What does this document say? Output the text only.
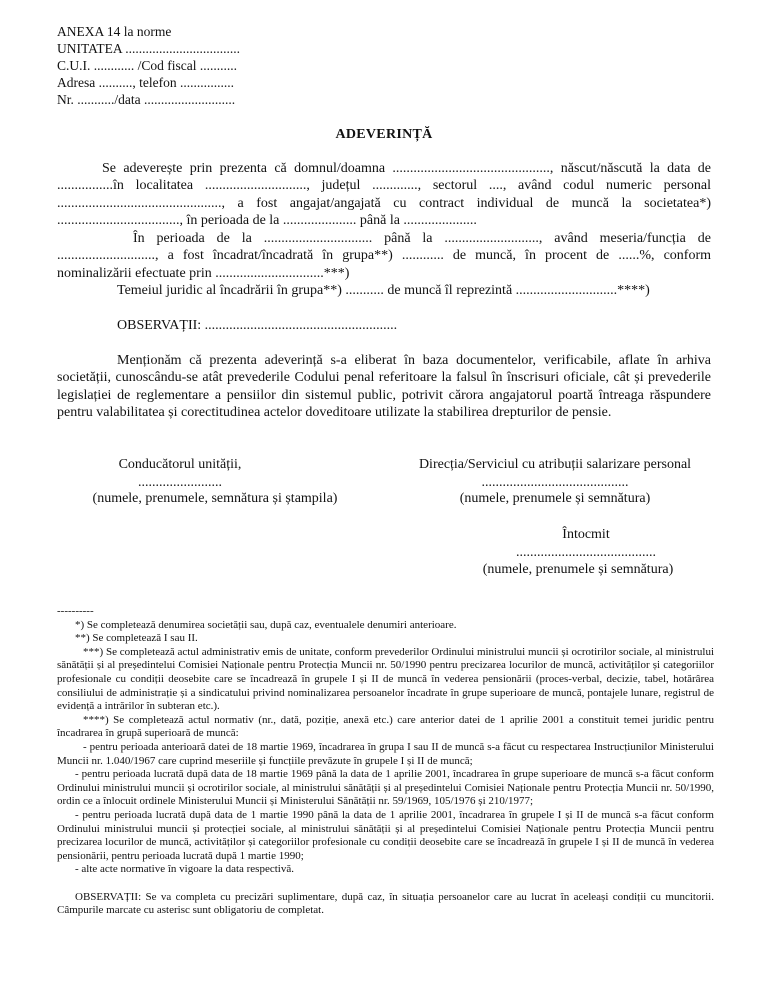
ANEXA 14 la norme
UNITATEA ..................................
C.U.I. ............ /Cod fiscal ...........
Adresa .........., telefon ................
Nr. .........../data ...........................
ADEVERINȚĂ
Se adeverește prin prezenta că domnul/doamna ............................................., născut/născută la data de ................în localitatea ............................., județul ............., sectorul ...., având codul numeric personal ..............................................., a fost angajat/angajată cu contract individual de muncă la societatea*) ..................................., în perioada de la ..................... până la .....................
În perioada de la ............................... până la ..........................., având meseria/funcția de ............................, a fost încadrat/încadrată în grupa**) ............ de muncă, în procent de ......%, conform nominalizării efectuate prin ...............................***)
Temeiul juridic al încadrării în grupa**) ........... de muncă îl reprezintă .............................****)
OBSERVAȚII: .......................................................
Menționăm că prezenta adeverință s-a eliberat în baza documentelor, verificabile, aflate în arhiva societății, cunoscându-se atât prevederile Codului penal referitoare la falsul în înscrisuri oficiale, cât și prevederile legislației de reglementare a pensiilor din sistemul public, potrivit cărora angajatorul poartă întreaga răspundere pentru valabilitatea și corectitudinea actelor doveditoare utilizate la stabilirea drepturilor de pensie.
Conducătorul unității,
........................
(numele, prenumele, semnătura și ștampila)
Direcția/Serviciul cu atribuții salarizare personal
..........................................
(numele, prenumele și semnătura)
Întocmit
........................................
(numele, prenumele și semnătura)
----------
*) Se completează denumirea societății sau, după caz, eventualele denumiri anterioare.
**) Se completează I sau II.
***) Se completează actul administrativ emis de unitate, conform prevederilor Ordinului ministrului muncii și ocrotirilor sociale, al ministrului sănătății și al președintelui Comisiei Naționale pentru Protecția Muncii nr. 50/1990 pentru precizarea locurilor de muncă, activităților și categoriilor profesionale cu condiții deosebite care se încadrează în grupele I și II de muncă în vederea pensionării (proces-verbal, decizie, tabel, hotărârea consiliului de administrație și a sindicatului privind nominalizarea persoanelor încadrate în grupe superioare de muncă, pontajele lunare, registrul de evidență a intrărilor în subteran etc.).
****) Se completează actul normativ (nr., dată, poziție, anexă etc.) care anterior datei de 1 aprilie 2001 a constituit temei juridic pentru încadrarea în grupă superioară de muncă:
- pentru perioada anterioară datei de 18 martie 1969, încadrarea în grupa I sau II de muncă s-a făcut cu respectarea Instrucțiunilor Ministerului Muncii nr. 1.040/1967 care cuprind meseriile și funcțiile prevăzute în grupele I și II de muncă;
- pentru perioada lucrată după data de 18 martie 1969 până la data de 1 aprilie 2001, încadrarea în grupe superioare de muncă s-a făcut conform Ordinului ministrului muncii și ocrotirilor sociale, al ministrului sănătății și al președintelui Comisiei Naționale pentru Protecția Muncii nr. 50/1990, ordin ce a înlocuit ordinele Ministerului Muncii și Ministerului Sănătății nr. 59/1969, 105/1976 și 210/1977;
- pentru perioada lucrată după data de 1 martie 1990 până la data de 1 aprilie 2001, încadrarea în grupele I și II de muncă s-a făcut conform Ordinului ministrului muncii și protecției sociale, al ministrului sănătății și al președintelui Comisiei Naționale pentru Protecția Muncii pentru precizarea locurilor de muncă, activităților și categoriilor profesionale cu condiții deosebite care se încadrează în grupele I și II de muncă în vederea pensionării, pentru perioada lucrată după 1 martie 1990;
- alte acte normative în vigoare la data respectivă.
OBSERVAȚII: Se va completa cu precizări suplimentare, după caz, în situația persoanelor care au lucrat în aceleași condiții cu muncitorii. Câmpurile marcate cu asterisc sunt obligatoriu de completat.
